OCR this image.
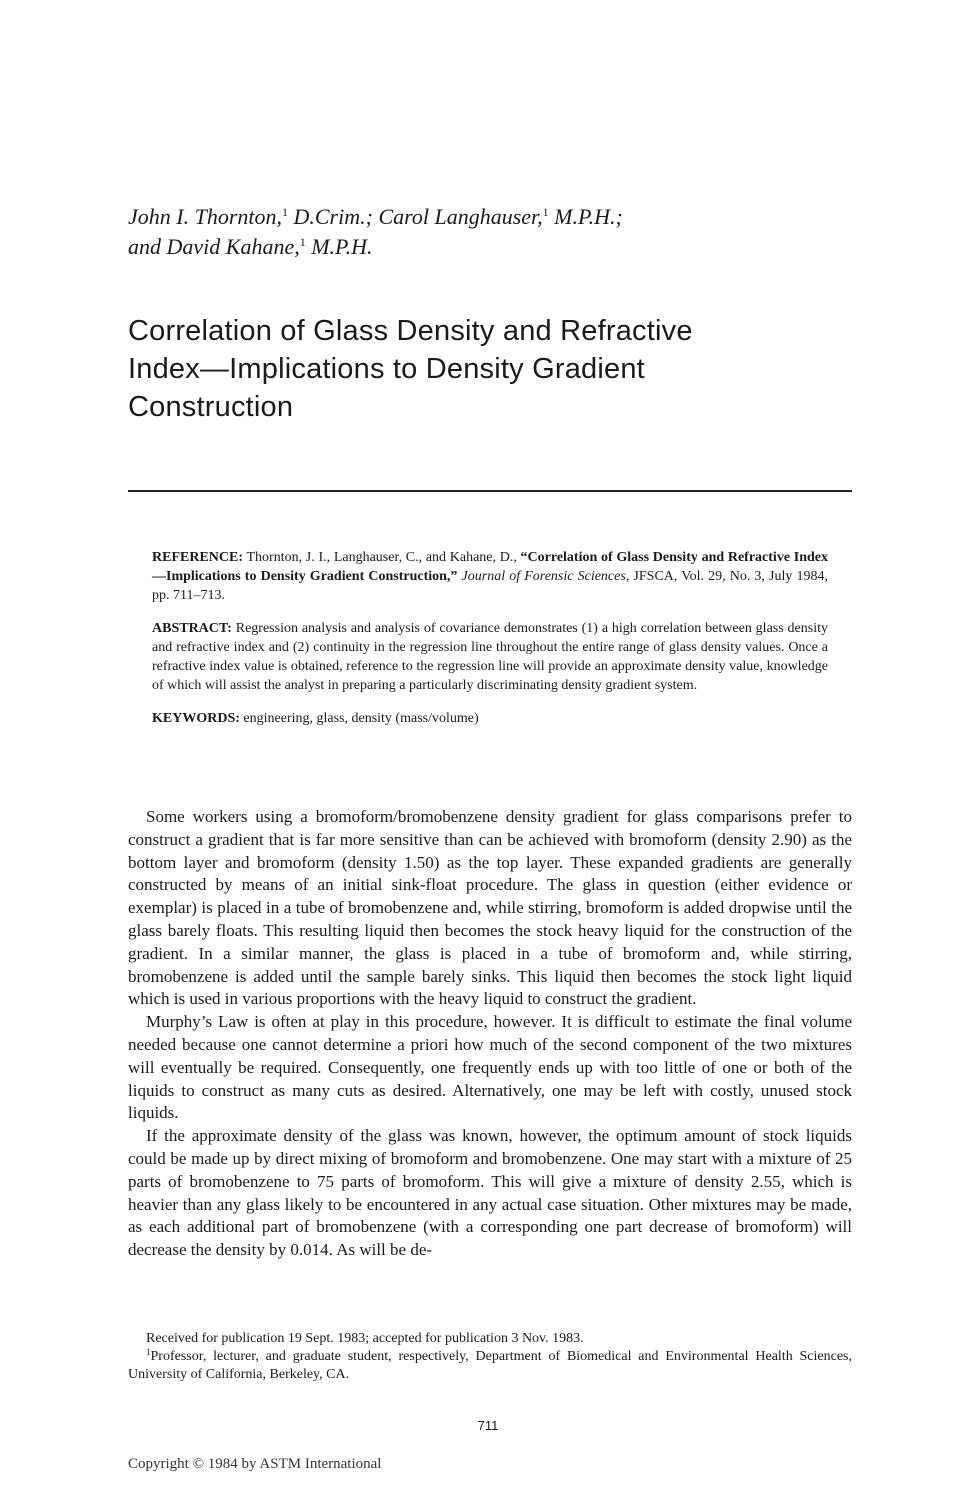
John I. Thornton,$^1$ D.Crim.; Carol Langhauser,$^1$ M.P.H.;

and David Kahane,$^1$ M.P.H.

Correlation of Glass Density and Refractive
Index—Implications to Density Gradient
Construction

REFERENCE: Thornton, J. I., Langhauser, C., and Kahane, D., “Correlation of Glass Density and Refractive Index—Implications to Density Gradient Construction,” Journal of Forensic Sciences, JFSCA, Vol. 29, No. 3, July 1984, pp. 711–713.

ABSTRACT: Regression analysis and analysis of covariance demonstrates (1) a high correlation between glass density and refractive index and (2) continuity in the regression line throughout the entire range of glass density values. Once a refractive index value is obtained, reference to the regression line will provide an approximate density value, knowledge of which will assist the analyst in preparing a particularly discriminating density gradient system.

KEYWORDS: engineering, glass, density (mass/volume)

Some workers using a bromoform/bromobenzene density gradient for glass comparisons prefer to construct a gradient that is far more sensitive than can be achieved with bromoform (density 2.90) as the bottom layer and bromoform (density 1.50) as the top layer. These expanded gradients are generally constructed by means of an initial sink-float procedure. The glass in question (either evidence or exemplar) is placed in a tube of bromobenzene and, while stirring, bromoform is added dropwise until the glass barely floats. This resulting liquid then becomes the stock heavy liquid for the construction of the gradient. In a similar manner, the glass is placed in a tube of bromoform and, while stirring, bromobenzene is added until the sample barely sinks. This liquid then becomes the stock light liquid which is used in various proportions with the heavy liquid to construct the gradient.

Murphy’s Law is often at play in this procedure, however. It is difficult to estimate the final volume needed because one cannot determine a priori how much of the second component of the two mixtures will eventually be required. Consequently, one frequently ends up with too little of one or both of the liquids to construct as many cuts as desired. Alternatively, one may be left with costly, unused stock liquids.

If the approximate density of the glass was known, however, the optimum amount of stock liquids could be made up by direct mixing of bromoform and bromobenzene. One may start with a mixture of 25 parts of bromobenzene to 75 parts of bromoform. This will give a mixture of density 2.55, which is heavier than any glass likely to be encountered in any actual case situation. Other mixtures may be made, as each additional part of bromobenzene (with a corresponding one part decrease of bromoform) will decrease the density by 0.014. As will be de-

Received for publication 19 Sept. 1983; accepted for publication 3 Nov. 1983.

$^1$Professor, lecturer, and graduate student, respectively, Department of Biomedical and Environmental Health Sciences, University of California, Berkeley, CA.

711
Copyright © 1984 by ASTM International
